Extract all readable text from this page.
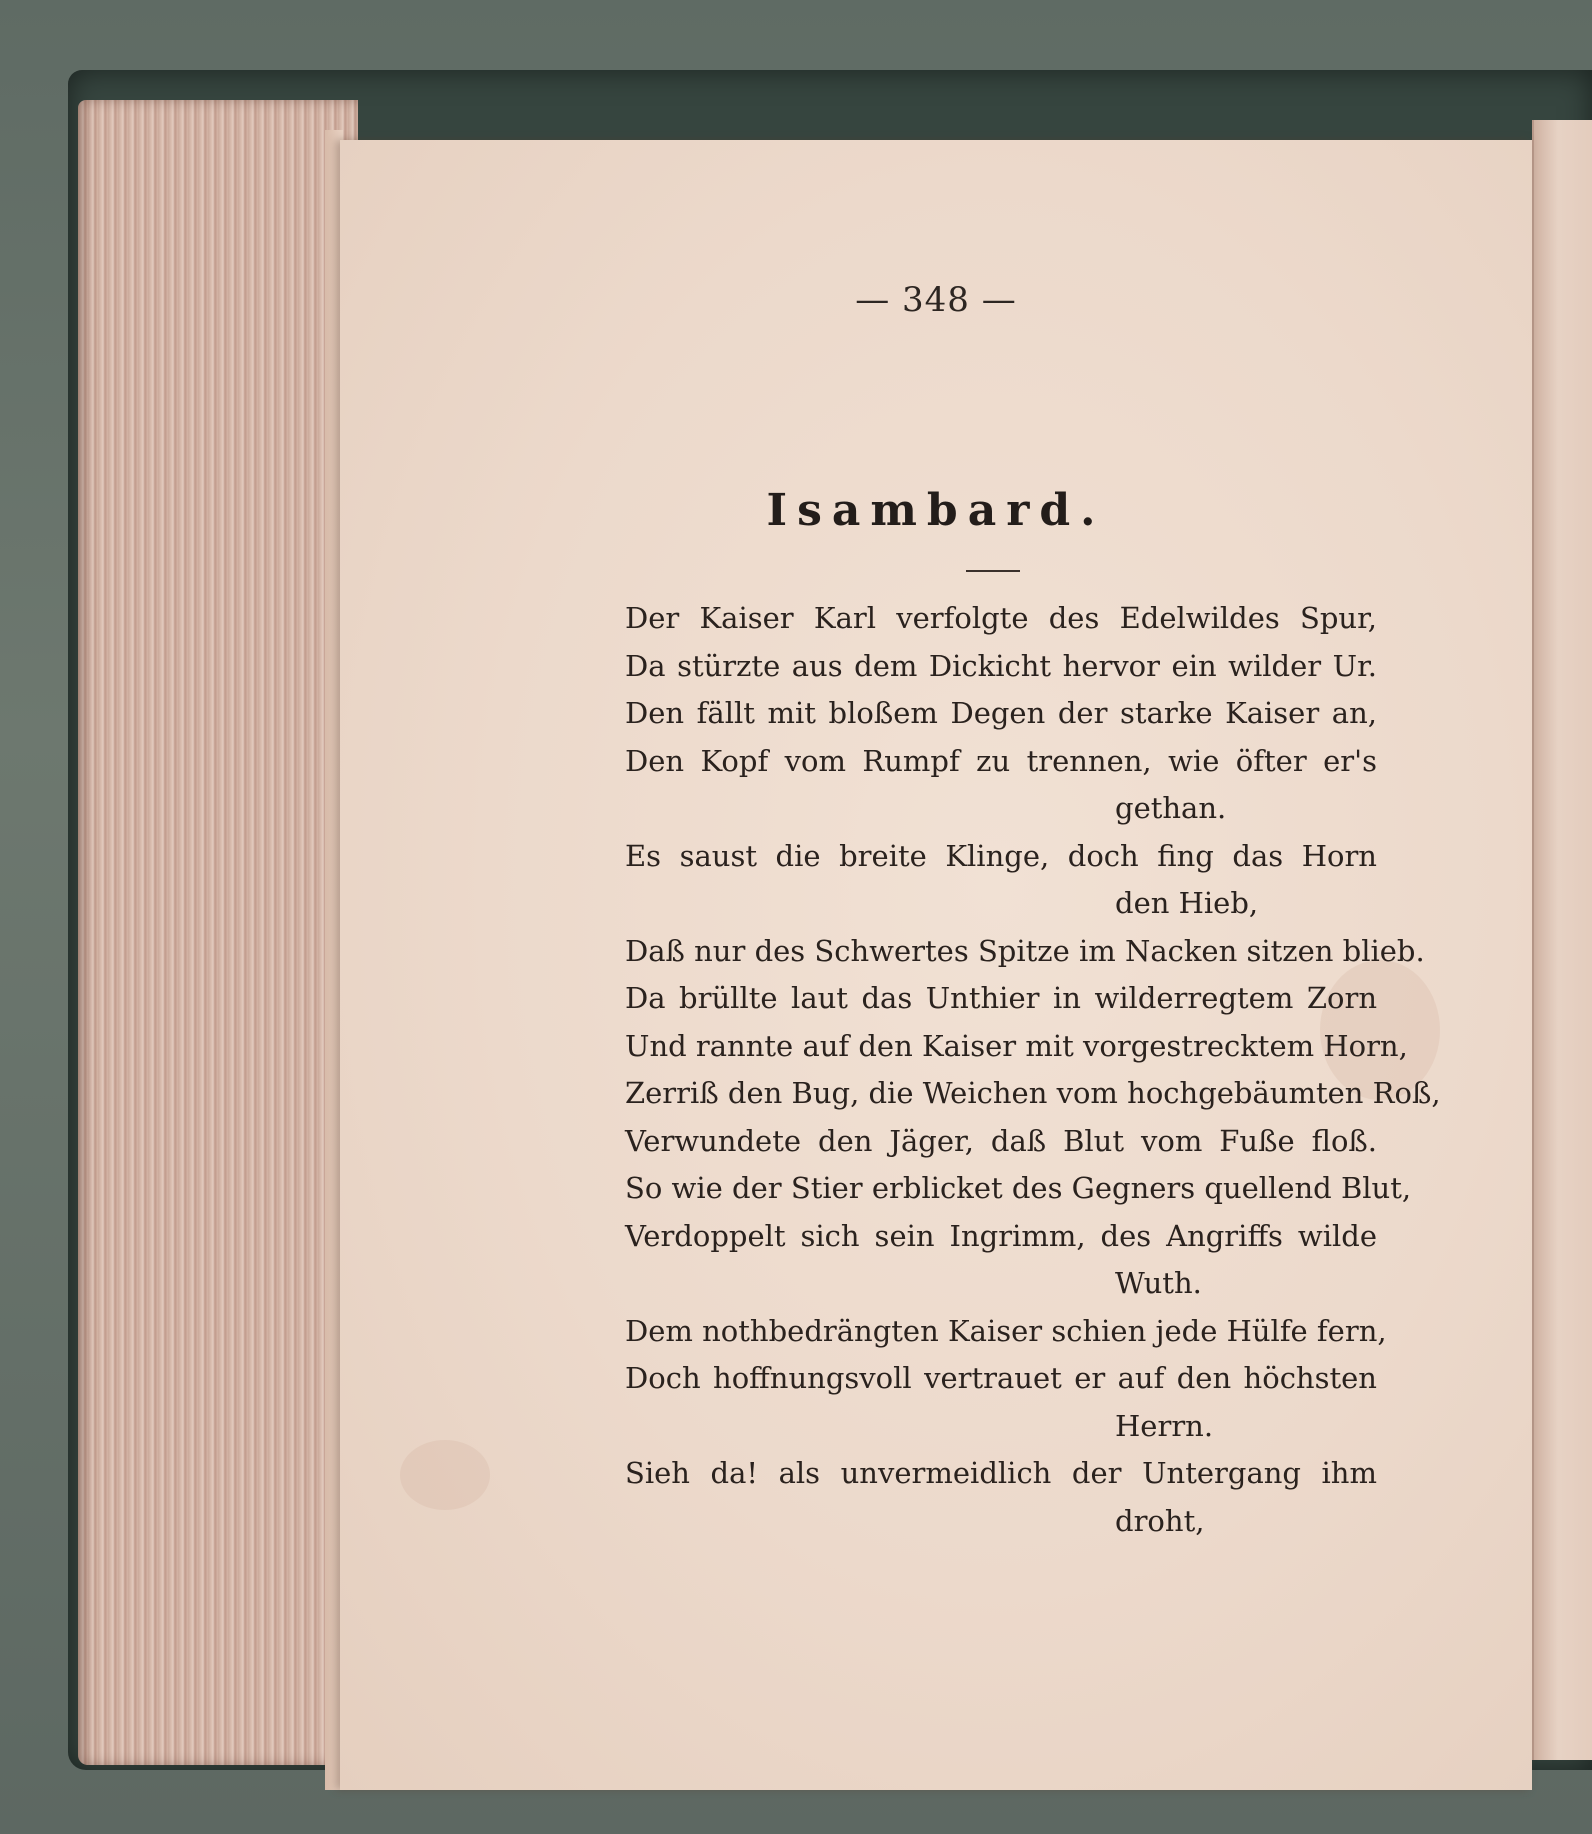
— 348 —
Isambard.
Der Kaiser Karl verfolgte des Edelwildes Spur,
Da stürzte aus dem Dickicht hervor ein wilder Ur.
Den fällt mit bloßem Degen der starke Kaiser an,
Den Kopf vom Rumpf zu trennen, wie öfter er's
gethan.
Es saust die breite Klinge, doch fing das Horn
den Hieb,
Daß nur des Schwertes Spitze im Nacken sitzen blieb.
Da brüllte laut das Unthier in wilderregtem Zorn
Und rannte auf den Kaiser mit vorgestrecktem Horn,
Zerriß den Bug, die Weichen vom hochgebäumten Roß,
Verwundete den Jäger, daß Blut vom Fuße floß.
So wie der Stier erblicket des Gegners quellend Blut,
Verdoppelt sich sein Ingrimm, des Angriffs wilde
Wuth.
Dem nothbedrängten Kaiser schien jede Hülfe fern,
Doch hoffnungsvoll vertrauet er auf den höchsten
Herrn.
Sieh da! als unvermeidlich der Untergang ihm
droht,
